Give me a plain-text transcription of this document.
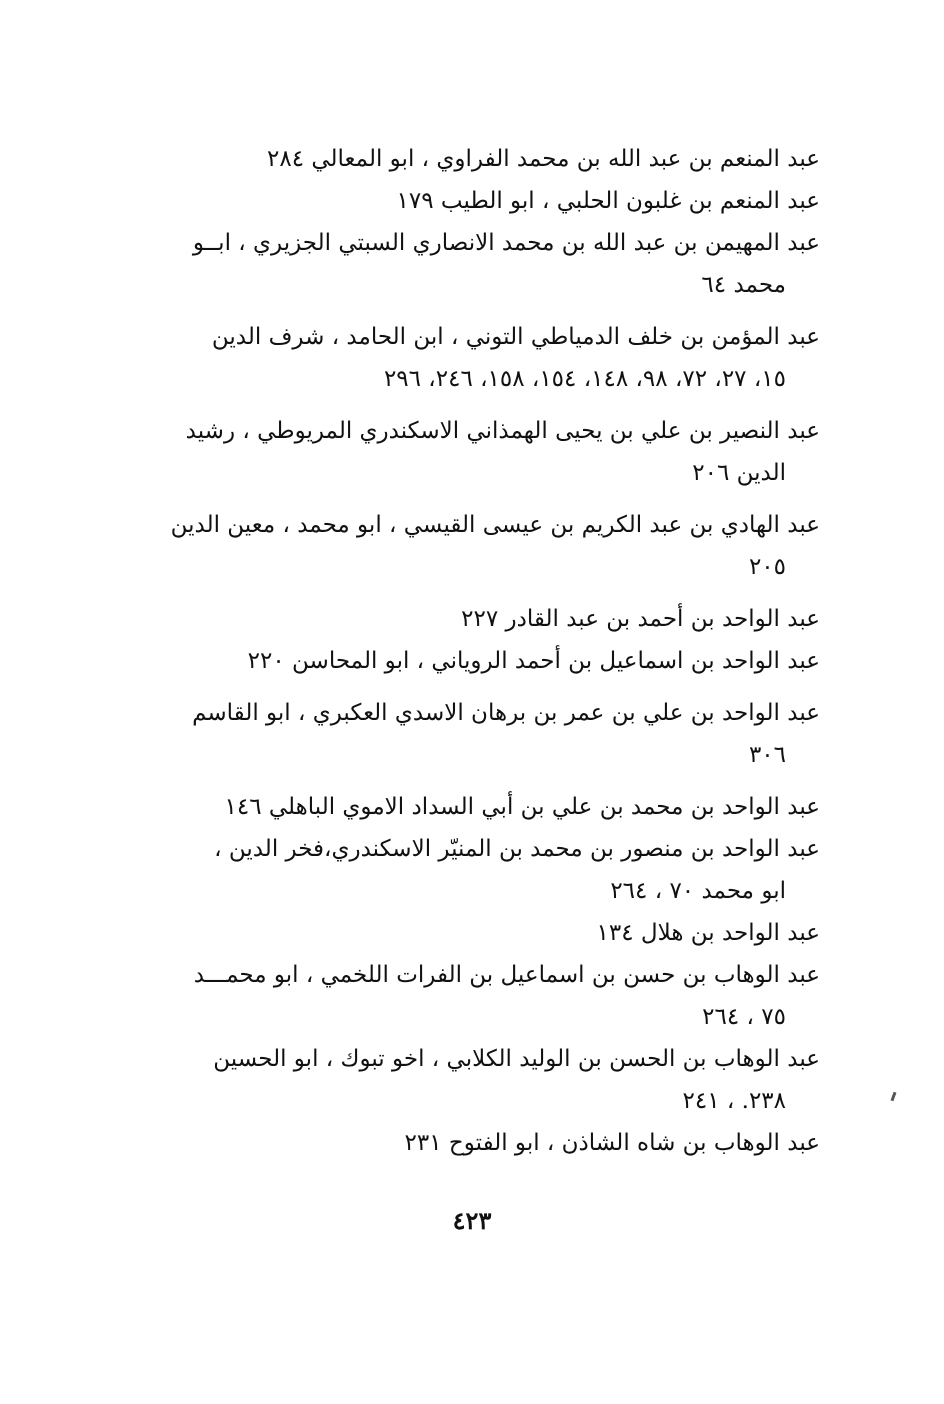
عبد المنعم بن عبد الله بن محمد الفراوي ، ابو المعالي ٢٨٤
عبد المنعم بن غلبون الحلبي ، ابو الطيب ١٧٩
عبد المهيمن بن عبد الله بن محمد الانصاري السبتي الجزيري ، ابــو
محمد ٦٤
عبد المؤمن بن خلف الدمياطي التوني ، ابن الحامد ، شرف الدين
١٥، ٢٧، ٧٢، ٩٨، ١٤٨، ١٥٤، ١٥٨، ٢٤٦، ٢٩٦
عبد النصير بن علي بن يحيى الهمذاني الاسكندري المريوطي ، رشيد
الدين ٢٠٦
عبد الهادي بن عبد الكريم بن عيسى القيسي ، ابو محمد ، معين الدين
٢٠٥
عبد الواحد بن أحمد بن عبد القادر ٢٢٧
عبد الواحد بن اسماعيل بن أحمد الروياني ، ابو المحاسن ٢٢٠
عبد الواحد بن علي بن عمر بن برهان الاسدي العكبري ، ابو القاسم
٣٠٦
عبد الواحد بن محمد بن علي بن أبي السداد الاموي الباهلي ١٤٦
عبد الواحد بن منصور بن محمد بن المنيّر الاسكندري،فخر الدين ،
ابو محمد ٧٠ ، ٢٦٤
عبد الواحد بن هلال ١٣٤
عبد الوهاب بن حسن بن اسماعيل بن الفرات اللخمي ، ابو محمـــد
٧٥ ، ٢٦٤
عبد الوهاب بن الحسن بن الوليد الكلابي ، اخو تبوك ، ابو الحسين
٢٣٨. ، ٢٤١
عبد الوهاب بن شاه الشاذن ، ابو الفتوح ٢٣١
٤٢٣
